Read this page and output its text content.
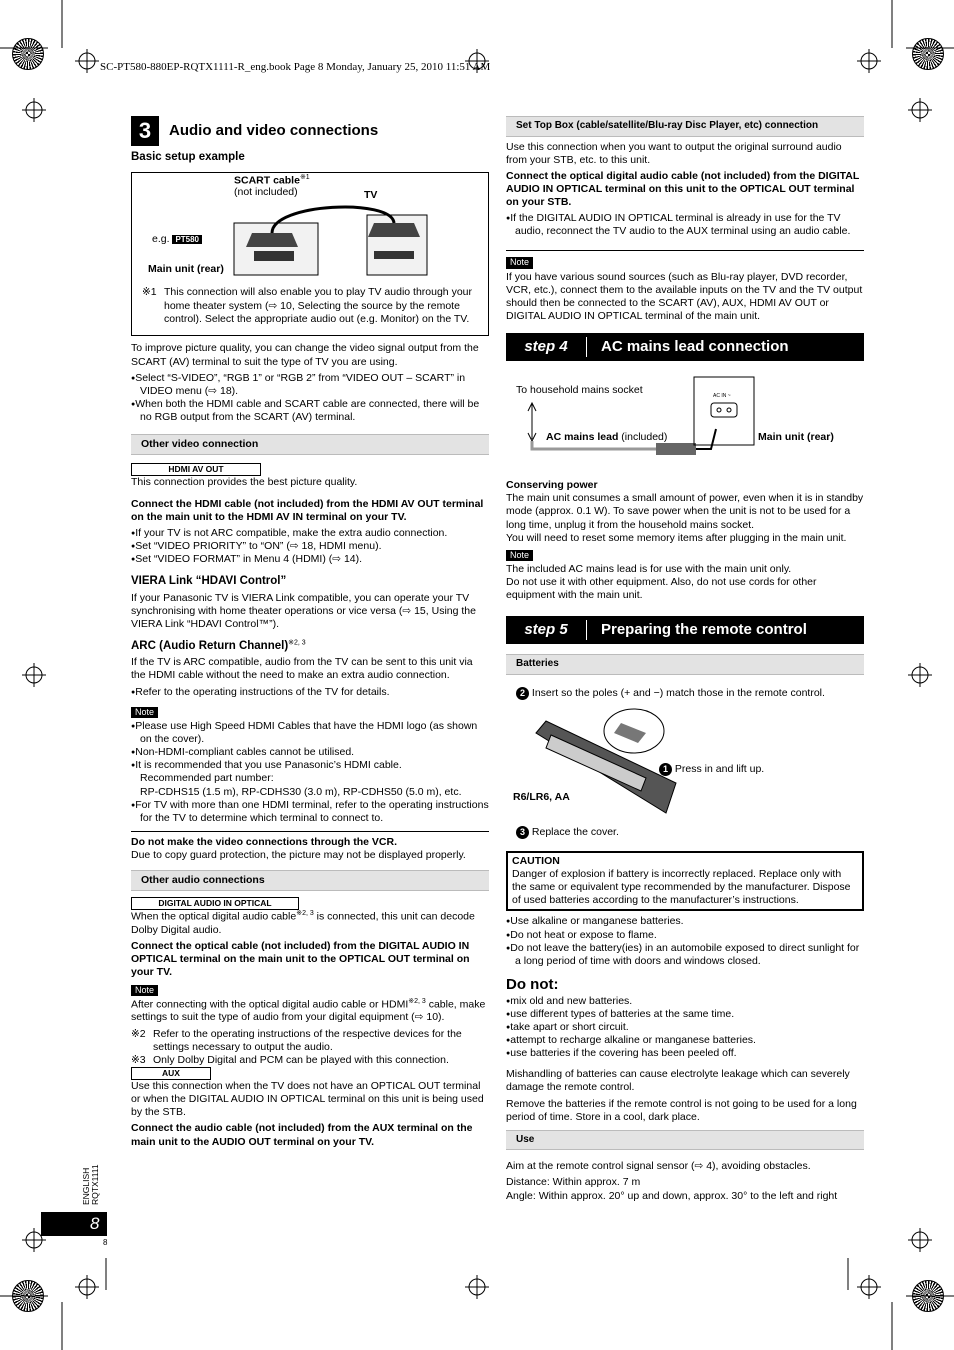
SC-PT580-880EP-RQTX1111-R_eng.book Page 8 Monday, January 25, 2010 11:51 AM
3	Audio and video connections
Basic setup example
SCART cable$^{※1}$
(not included)	TV
e.g. PT580
Main unit (rear)

※1 This connection will also enable you to play TV audio through your home theater system (⇨ 10, Selecting the source by the remote control). Select the appropriate audio out (e.g. Monitor) on the TV.

To improve picture quality, you can change the video signal output from the SCART (AV) terminal to suit the type of TV you are using.

● Select “S-VIDEO”, “RGB 1” or “RGB 2” from “VIDEO OUT – SCART” in VIDEO menu (⇨ 18).

● When both the HDMI cable and SCART cable are connected, there will be no RGB output from the SCART (AV) terminal.

Other video connection
HDMI AV OUT

This connection provides the best picture quality.

Connect the HDMI cable (not included) from the HDMI AV OUT terminal on the main unit to the HDMI AV IN terminal on your TV.

● If your TV is not ARC compatible, make the extra audio connection.

● Set “VIDEO PRIORITY” to “ON” (⇨ 18, HDMI menu).

● Set “VIDEO FORMAT” in Menu 4 (HDMI) (⇨ 14).

VIERA Link “HDAVI Control”

If your Panasonic TV is VIERA Link compatible, you can operate your TV synchronising with home theater operations or vice versa (⇨ 15, Using the VIERA Link “HDAVI Control™”).

ARC (Audio Return Channel)$^{※2, 3}$

If the TV is ARC compatible, audio from the TV can be sent to this unit via the HDMI cable without the need to make an extra audio connection.

● Refer to the operating instructions of the TV for details.

Note

● Please use High Speed HDMI Cables that have the HDMI logo (as shown on the cover).

● Non-HDMI-compliant cables cannot be utilised.

● It is recommended that you use Panasonic’s HDMI cable.

Recommended part number:

RP-CDHS15 (1.5 m), RP-CDHS30 (3.0 m), RP-CDHS50 (5.0 m), etc.

● For TV with more than one HDMI terminal, refer to the operating instructions for the TV to determine which terminal to connect to.

Do not make the video connections through the VCR.

Due to copy guard protection, the picture may not be displayed properly.

Other audio connections
DIGITAL AUDIO IN OPTICAL

When the optical digital audio cable$^{※2, 3}$ is connected, this unit can decode Dolby Digital audio.

Connect the optical cable (not included) from the DIGITAL AUDIO IN OPTICAL terminal on the main unit to the OPTICAL OUT terminal on your TV.

Note

After connecting with the optical digital audio cable or HDMI$^{※2, 3}$ cable, make settings to suit the type of audio from your digital equipment (⇨ 10).

※2 Refer to the operating instructions of the respective devices for the settings necessary to output the audio.

※3 Only Dolby Digital and PCM can be played with this connection.

AUX

Use this connection when the TV does not have an OPTICAL OUT terminal or when the DIGITAL AUDIO IN OPTICAL terminal on this unit is being used by the STB.

Connect the audio cable (not included) from the AUX terminal on the main unit to the AUDIO OUT terminal on your TV.

Set Top Box (cable/satellite/Blu-ray Disc Player, etc) connection

Use this connection when you want to output the original surround audio from your STB, etc. to this unit.

Connect the optical digital audio cable (not included) from the DIGITAL AUDIO IN OPTICAL terminal on this unit to the OPTICAL OUT terminal on your STB.

● If the DIGITAL AUDIO IN OPTICAL terminal is already in use for the TV audio, reconnect the TV audio to the AUX terminal using an audio cable.

Note

If you have various sound sources (such as Blu-ray player, DVD recorder, VCR, etc.), connect them to the available inputs on the TV and the TV output should then be connected to the SCART (AV), AUX, HDMI AV OUT or DIGITAL AUDIO IN OPTICAL terminal of the main unit.

step 4	AC mains lead connection
To household mains socket
AC mains lead (included)	Main unit (rear)
AC IN ~

Conserving power

The main unit consumes a small amount of power, even when it is in standby mode (approx. 0.1 W). To save power when the unit is not to be used for a long time, unplug it from the household mains socket.

You will need to reset some memory items after plugging in the main unit.

Note

The included AC mains lead is for use with the main unit only.

Do not use it with other equipment. Also, do not use cords for other equipment with the main unit.

step 5	Preparing the remote control
Batteries
2 Insert so the poles (+ and −) match those in the remote control.
1 Press in and lift up.
R6/LR6, AA
3 Replace the cover.

CAUTION

Danger of explosion if battery is incorrectly replaced. Replace only with the same or equivalent type recommended by the manufacturer. Dispose of used batteries according to the manufacturer’s instructions.

● Use alkaline or manganese batteries.

● Do not heat or expose to flame.

● Do not leave the battery(ies) in an automobile exposed to direct sunlight for a long period of time with doors and windows closed.

Do not:

● mix old and new batteries.

● use different types of batteries at the same time.

● take apart or short circuit.

● attempt to recharge alkaline or manganese batteries.

● use batteries if the covering has been peeled off.

Mishandling of batteries can cause electrolyte leakage which can severely damage the remote control.

Remove the batteries if the remote control is not going to be used for a long period of time. Store in a cool, dark place.

Use

Aim at the remote control signal sensor (⇨ 4), avoiding obstacles.

Distance: Within approx. 7 m

Angle: Within approx. 20° up and down, approx. 30° to the left and right

ENGLISH RQTX1111
8
8
